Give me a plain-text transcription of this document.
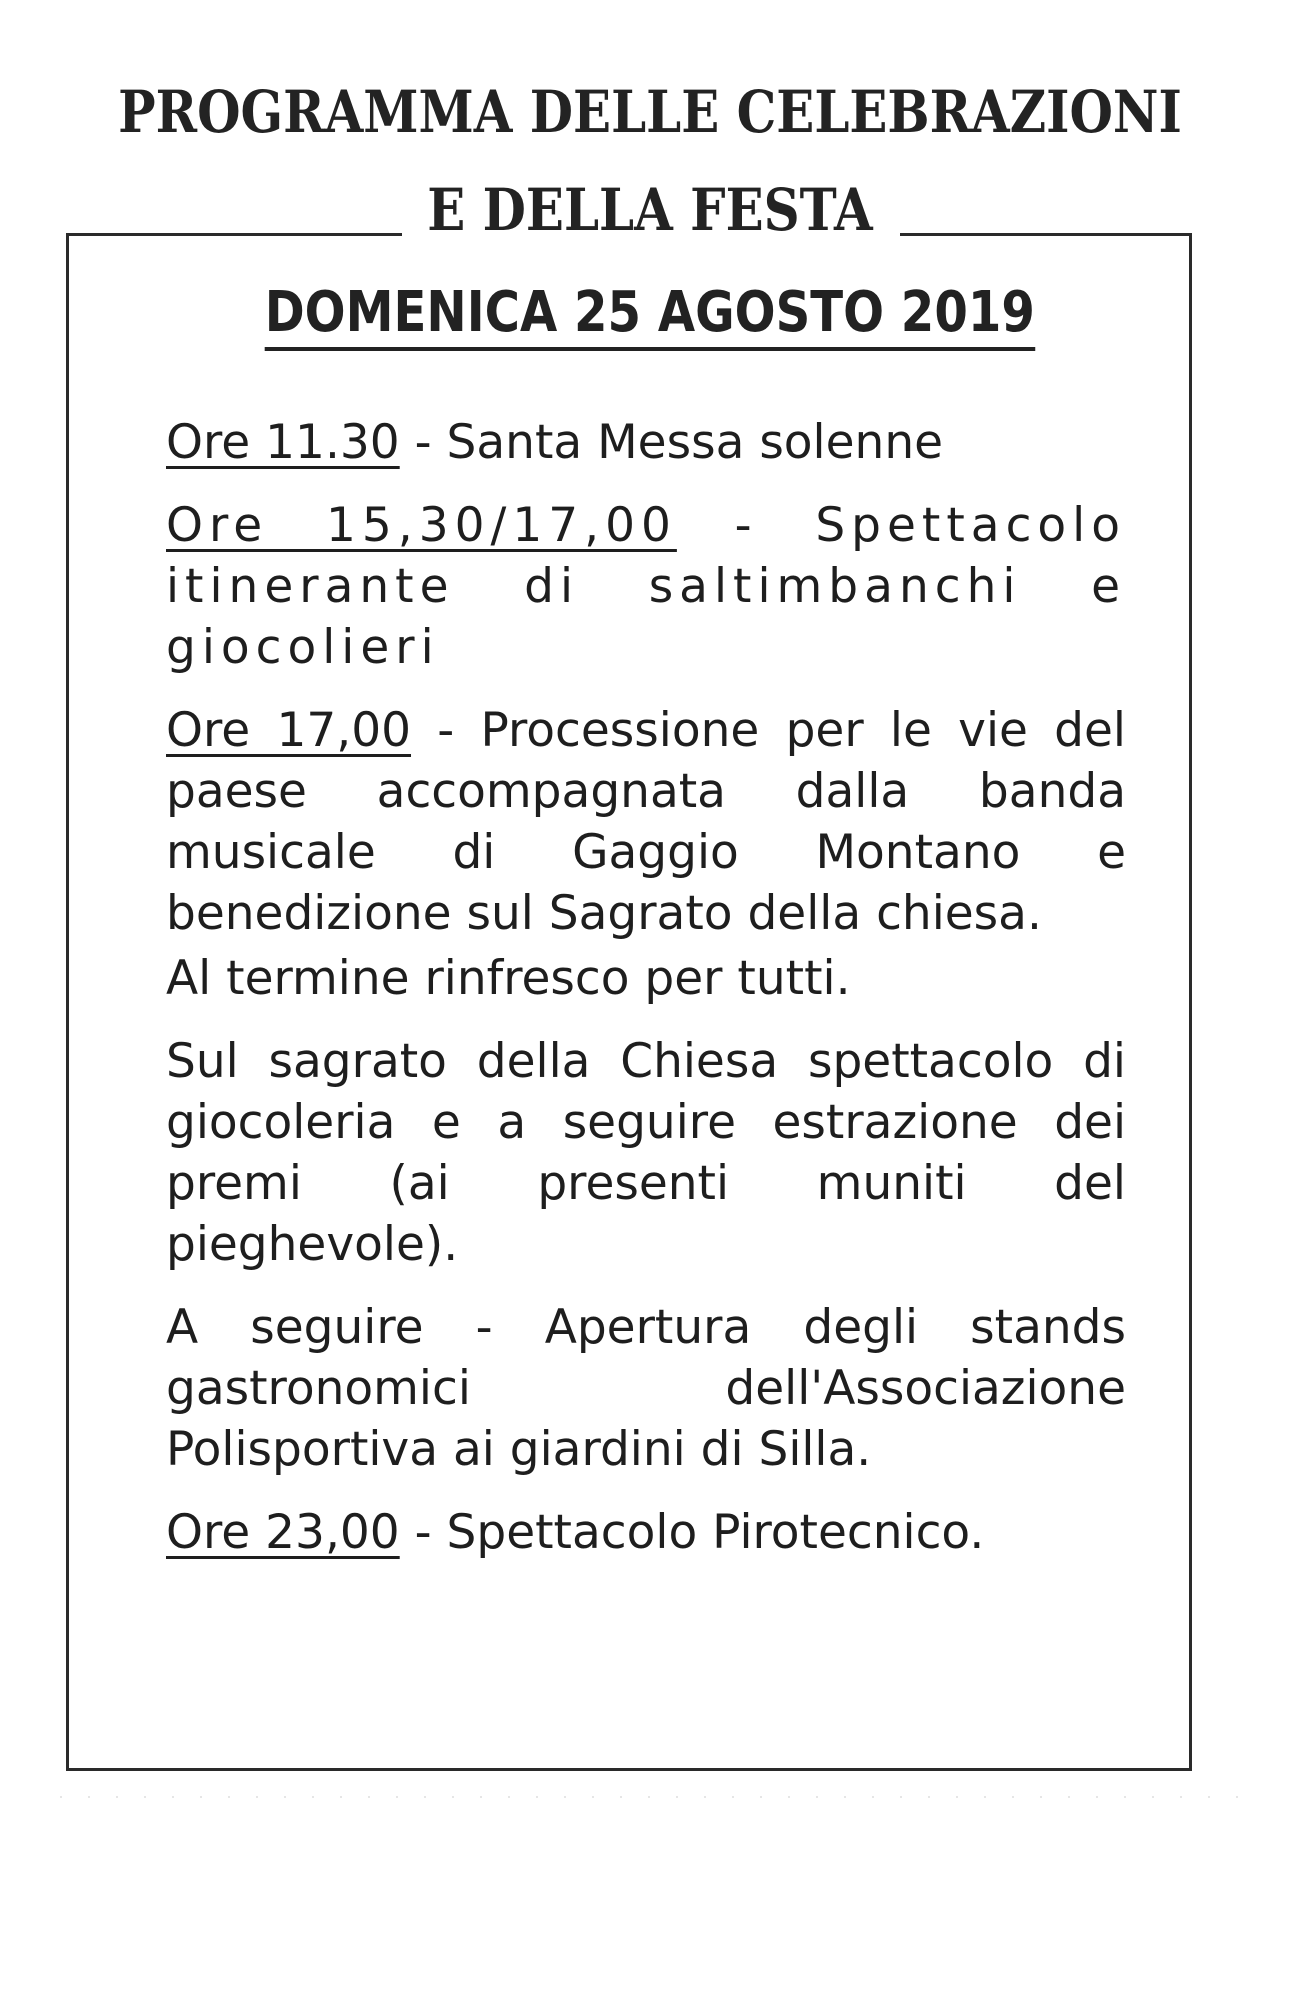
PROGRAMMA DELLE CELEBRAZIONI
E DELLA FESTA
DOMENICA 25 AGOSTO 2019

Ore 11.30 - Santa Messa solenne

Ore 15,30/17,00 - Spettacolo itinerante di saltimbanchi e giocolieri

Ore 17,00 - Processione per le vie del paese accompagnata dalla banda musicale di Gaggio Montano e benedizione sul Sagrato della chiesa.

Al termine rinfresco per tutti.

Sul sagrato della Chiesa spettacolo di giocoleria e a seguire estrazione dei premi (ai presenti muniti del pieghevole).

A seguire - Apertura degli stands gastronomici dell'Associazione Polisportiva ai giardini di Silla.

Ore 23,00 - Spettacolo Pirotecnico.
